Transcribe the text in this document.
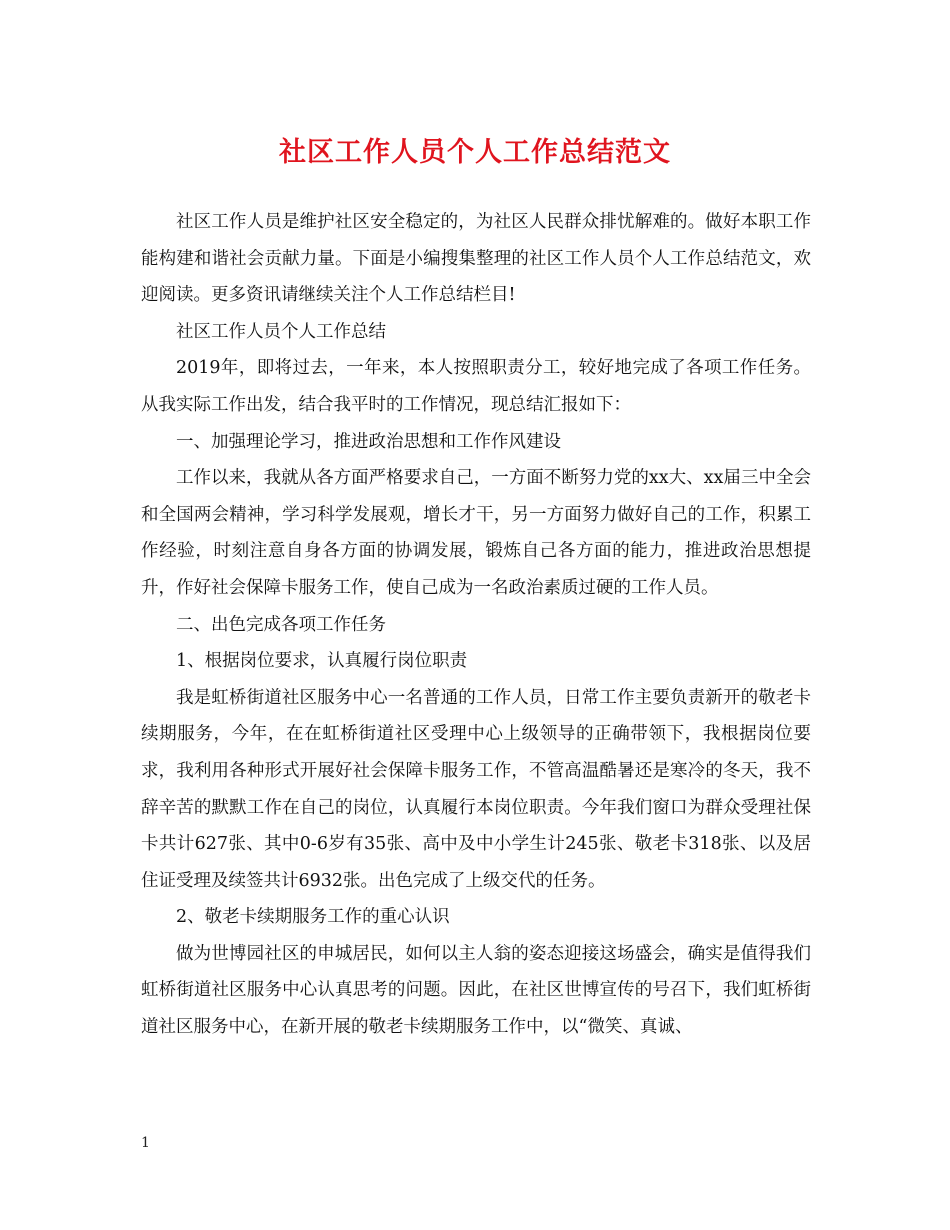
社区工作人员个人工作总结范文

社区工作人员是维护社区安全稳定的，为社区人民群众排忧解难的。做好本职工作能构建和谐社会贡献力量。下面是小编搜集整理的社区工作人员个人工作总结范文，欢迎阅读。更多资讯请继续关注个人工作总结栏目!

社区工作人员个人工作总结

2019年，即将过去，一年来，本人按照职责分工，较好地完成了各项工作任务。从我实际工作出发，结合我平时的工作情况，现总结汇报如下：

一、加强理论学习，推进政治思想和工作作风建设

工作以来，我就从各方面严格要求自己，一方面不断努力党的xx大、xx届三中全会和全国两会精神，学习科学发展观，增长才干，另一方面努力做好自己的工作，积累工作经验，时刻注意自身各方面的协调发展，锻炼自己各方面的能力，推进政治思想提升，作好社会保障卡服务工作，使自己成为一名政治素质过硬的工作人员。

二、出色完成各项工作任务

1、根据岗位要求，认真履行岗位职责

我是虹桥街道社区服务中心一名普通的工作人员，日常工作主要负责新开的敬老卡续期服务，今年，在在虹桥街道社区受理中心上级领导的正确带领下，我根据岗位要求，我利用各种形式开展好社会保障卡服务工作，不管高温酷暑还是寒冷的冬天，我不辞辛苦的默默工作在自己的岗位，认真履行本岗位职责。今年我们窗口为群众受理社保卡共计627张、其中0-6岁有35张、高中及中小学生计245张、敬老卡318张、以及居住证受理及续签共计6932张。出色完成了上级交代的任务。

2、敬老卡续期服务工作的重心认识

做为世博园社区的申城居民，如何以主人翁的姿态迎接这场盛会，确实是值得我们虹桥街道社区服务中心认真思考的问题。因此，在社区世博宣传的号召下，我们虹桥街道社区服务中心，在新开展的敬老卡续期服务工作中，以“微笑、真诚、

1
